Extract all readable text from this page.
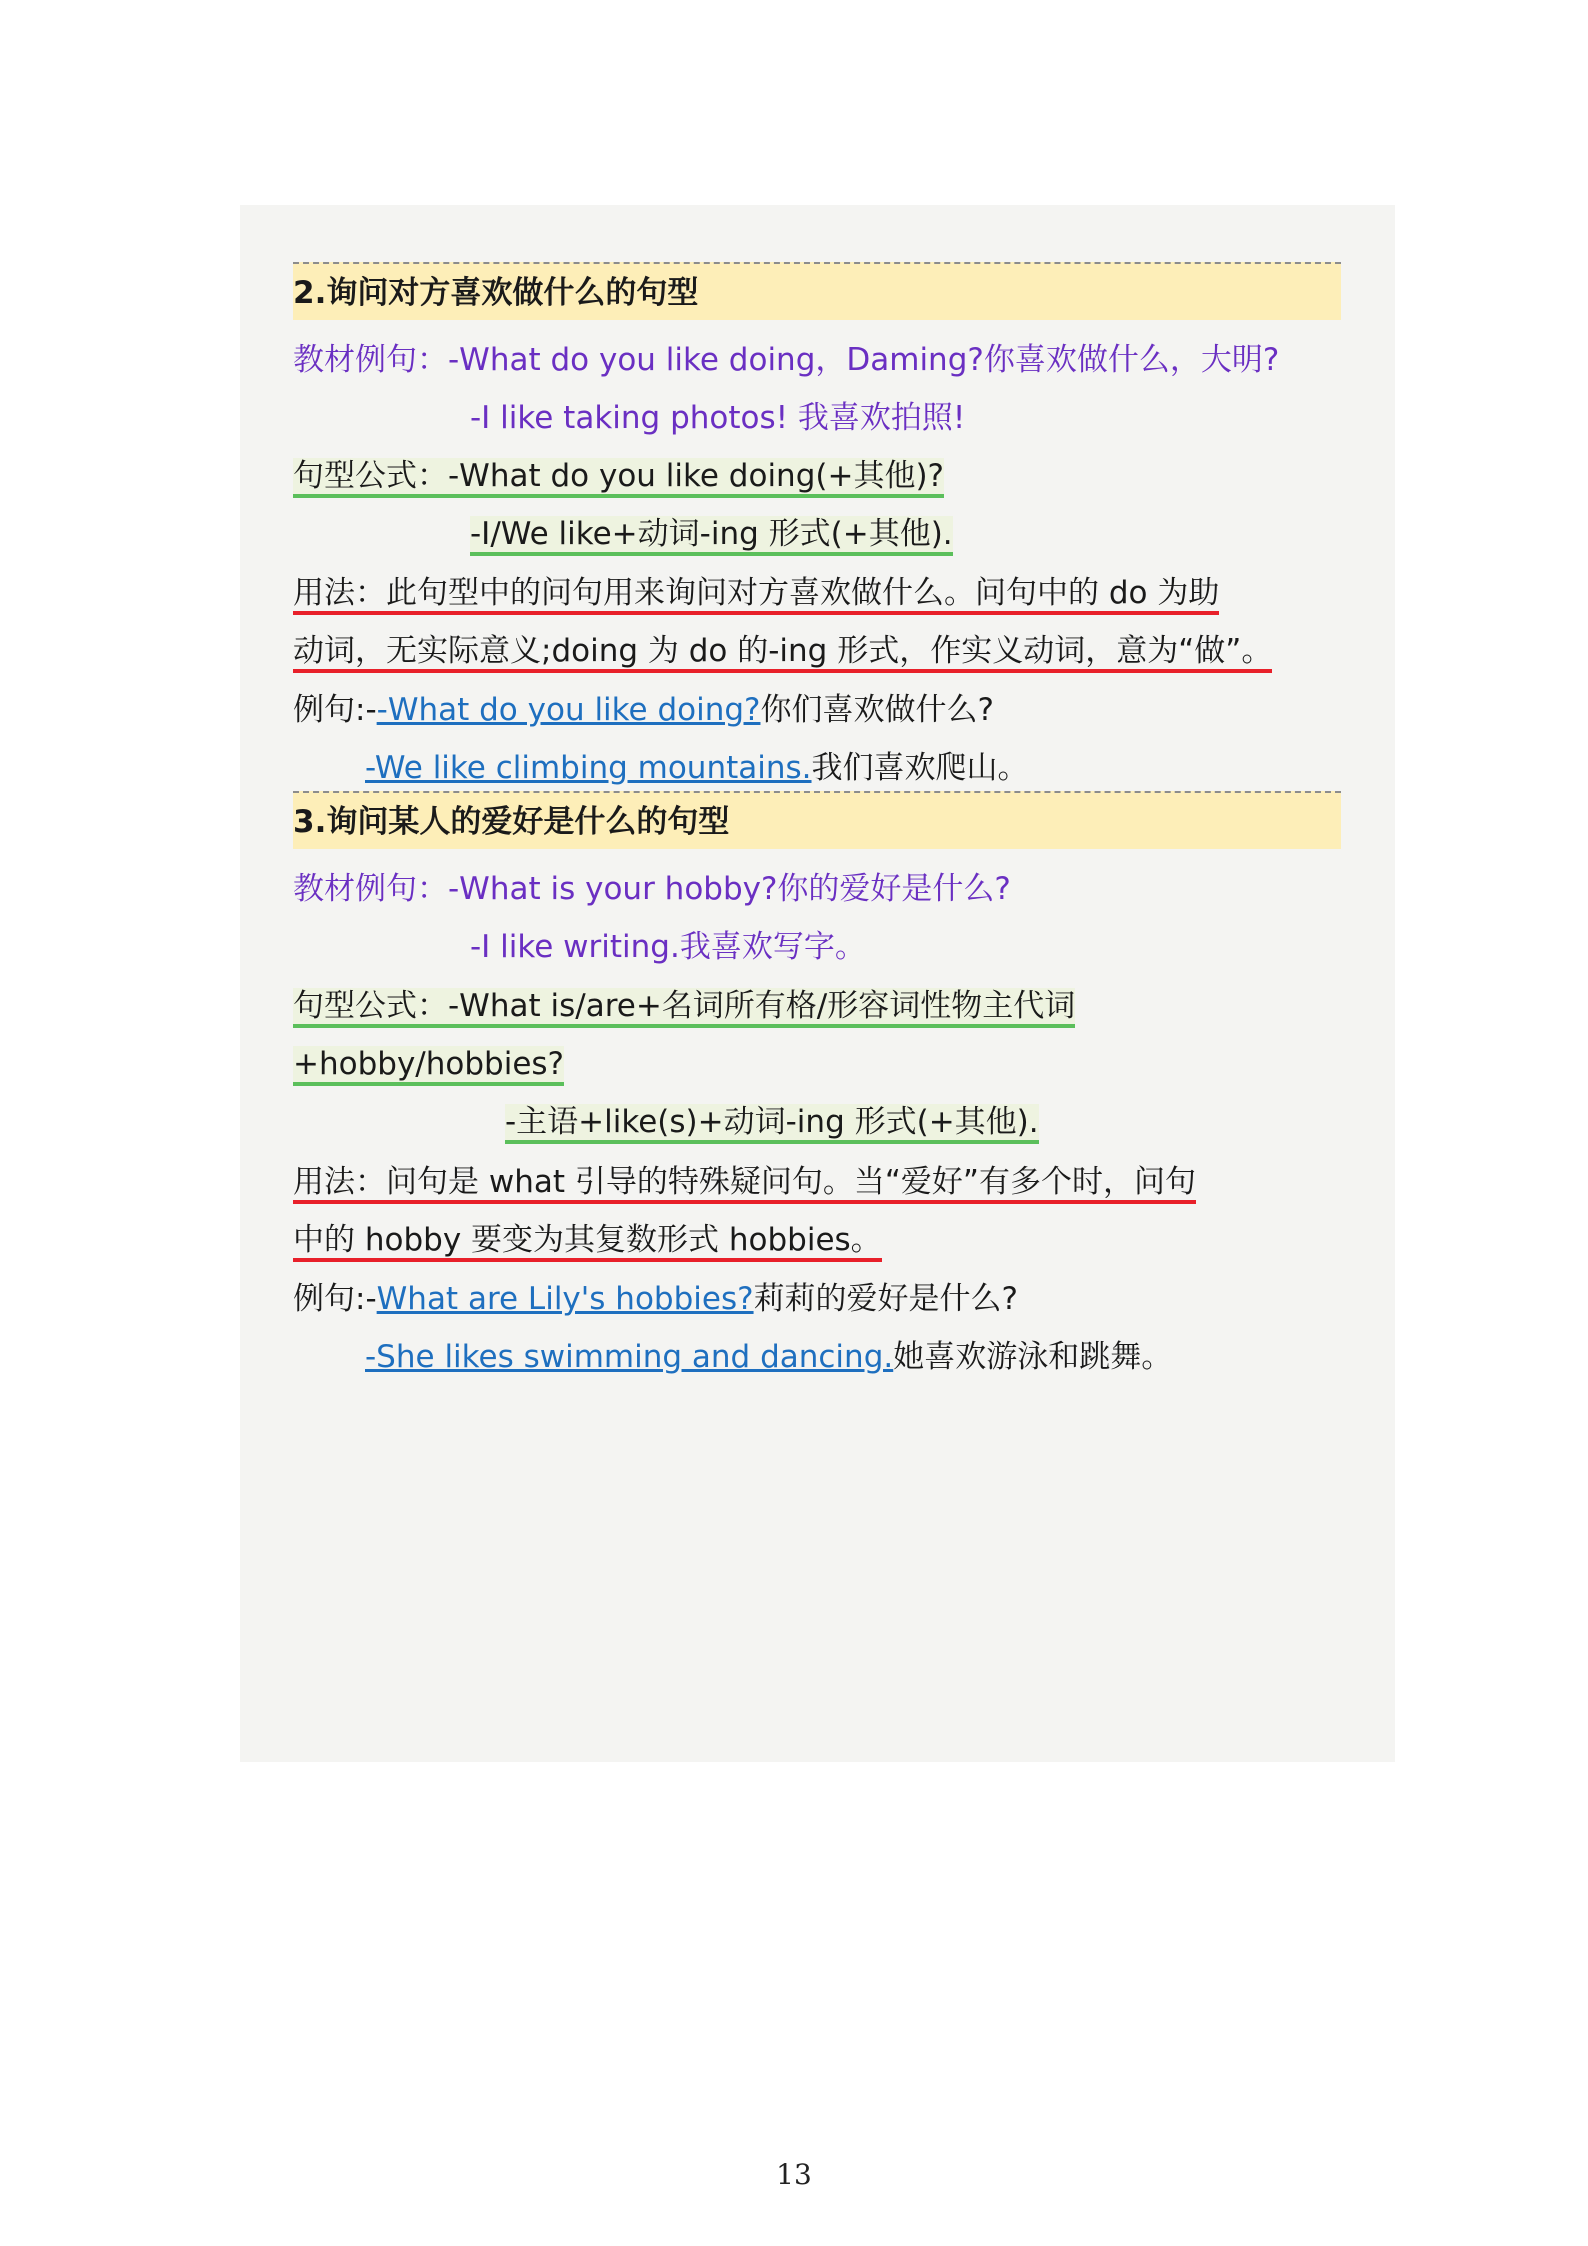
2.询问对方喜欢做什么的句型
教材例句：-What do you like doing，Daming?你喜欢做什么，大明?
-I like taking photos! 我喜欢拍照!
句型公式：-What do you like doing(+其他)?
-I/We like+动词-ing 形式(+其他).
用法：此句型中的问句用来询问对方喜欢做什么。问句中的 do 为助
动词，无实际意义;doing 为 do 的-ing 形式，作实义动词，意为“做”。
例句:--What do you like doing?你们喜欢做什么?
-We like climbing mountains.我们喜欢爬山。
3.询问某人的爱好是什么的句型
教材例句：-What is your hobby?你的爱好是什么?
-I like writing.我喜欢写字。
句型公式：-What is/are+名词所有格/形容词性物主代词
+hobby/hobbies?
-主语+like(s)+动词-ing 形式(+其他).
用法：问句是 what 引导的特殊疑问句。当“爱好”有多个时，问句
中的 hobby 要变为其复数形式 hobbies。
例句:-What are Lily's hobbies?莉莉的爱好是什么?
-She likes swimming and dancing.她喜欢游泳和跳舞。
13
